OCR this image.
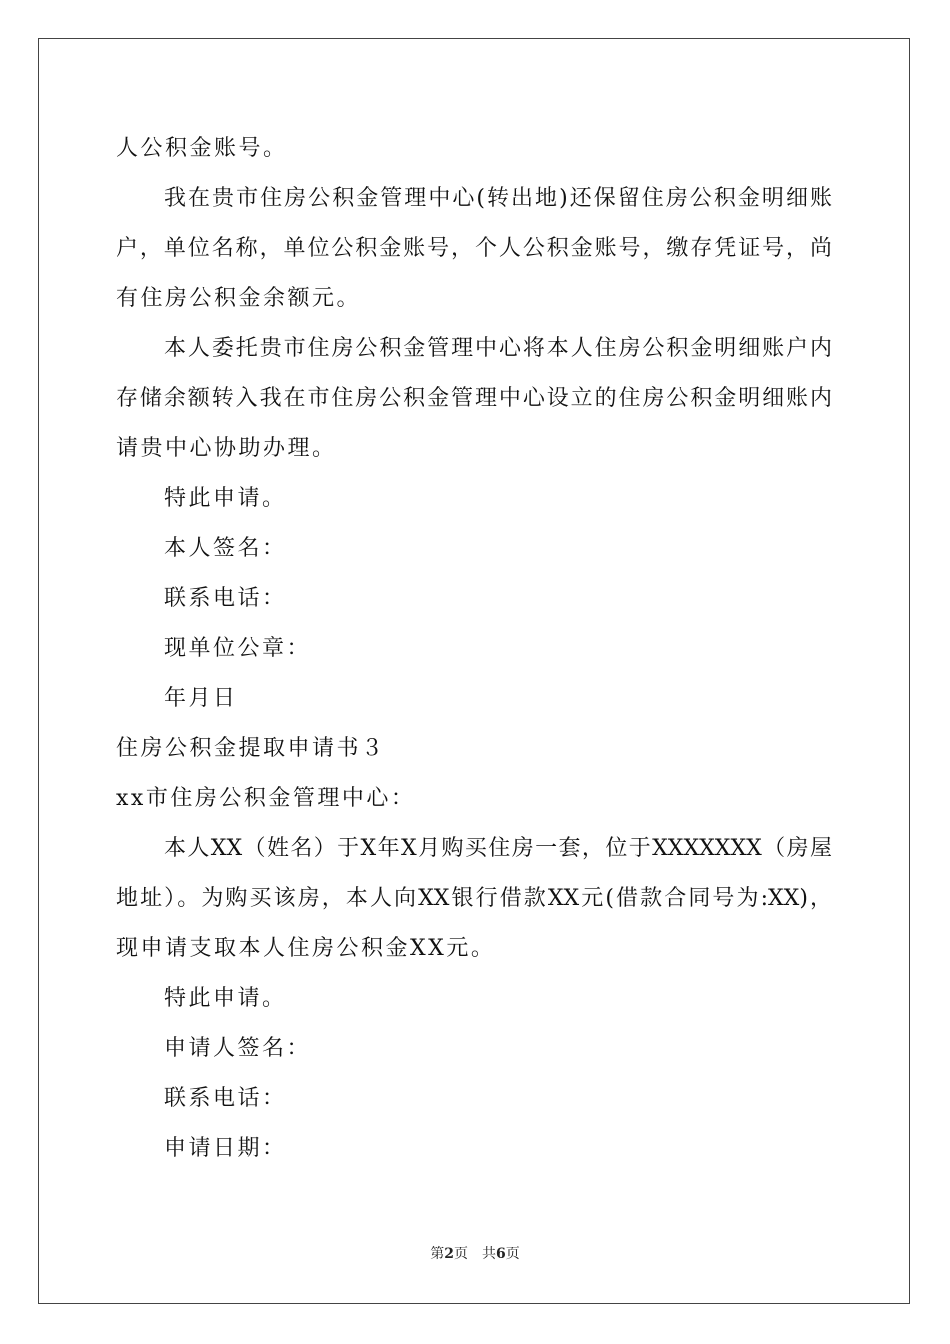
人公积金账号。
我在贵市住房公积金管理中心(转出地)还保留住房公积金明细账
户，单位名称，单位公积金账号，个人公积金账号，缴存凭证号，尚
有住房公积金余额元。
本人委托贵市住房公积金管理中心将本人住房公积金明细账户内
存储余额转入我在市住房公积金管理中心设立的住房公积金明细账内
请贵中心协助办理。
特此申请。
本人签名：
联系电话：
现单位公章：
年月日
住房公积金提取申请书３
xx市住房公积金管理中心：
本人XX（姓名）于X年X月购买住房一套，位于XXXXXXX（房屋
地址）。为购买该房，本人向XX银行借款XX元(借款合同号为:XX)，
现申请支取本人住房公积金XX元。
特此申请。
申请人签名：
联系电话：
申请日期：
第2页 共6页
